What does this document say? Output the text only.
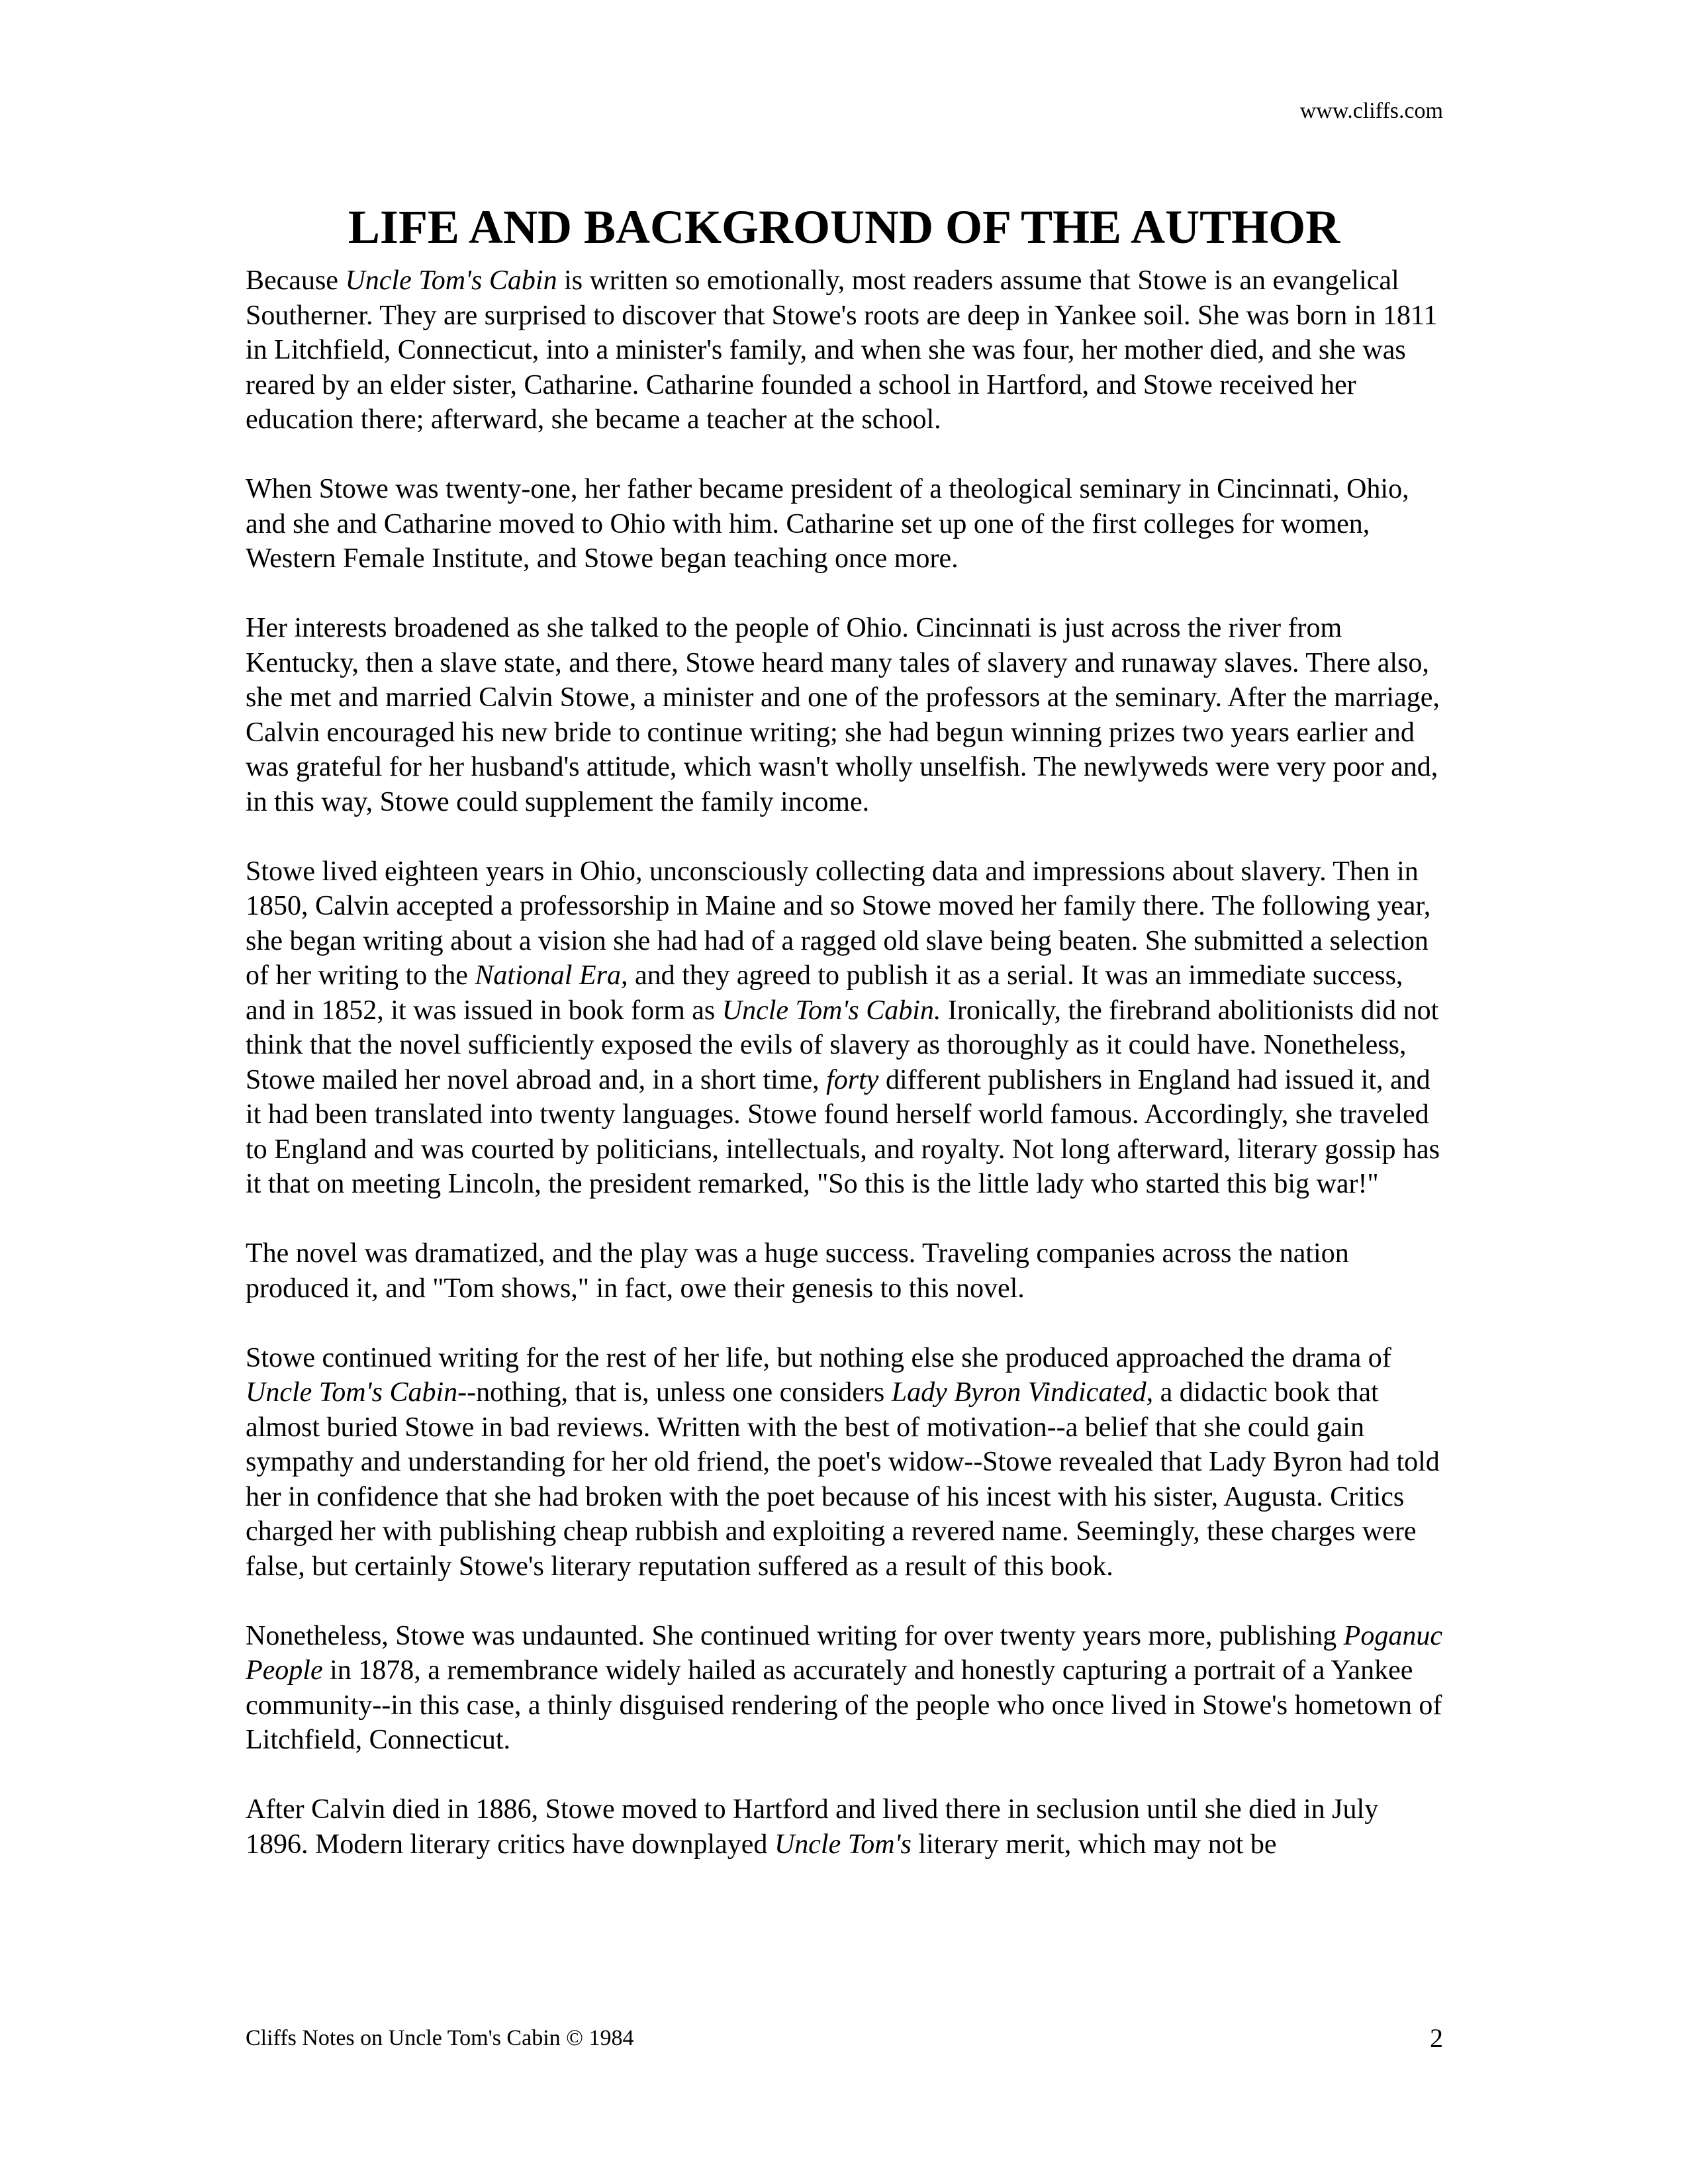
www.cliffs.com
LIFE AND BACKGROUND OF THE AUTHOR

Because Uncle Tom's Cabin is written so emotionally, most readers assume that Stowe is an evangelical Southerner. They are surprised to discover that Stowe's roots are deep in Yankee soil. She was born in 1811 in Litchfield, Connecticut, into a minister's family, and when she was four, her mother died, and she was reared by an elder sister, Catharine. Catharine founded a school in Hartford, and Stowe received her education there; afterward, she became a teacher at the school.

When Stowe was twenty-one, her father became president of a theological seminary in Cincinnati, Ohio, and she and Catharine moved to Ohio with him. Catharine set up one of the first colleges for women, Western Female Institute, and Stowe began teaching once more.

Her interests broadened as she talked to the people of Ohio. Cincinnati is just across the river from Kentucky, then a slave state, and there, Stowe heard many tales of slavery and runaway slaves. There also, she met and married Calvin Stowe, a minister and one of the professors at the seminary. After the marriage, Calvin encouraged his new bride to continue writing; she had begun winning prizes two years earlier and was grateful for her husband's attitude, which wasn't wholly unselfish. The newlyweds were very poor and, in this way, Stowe could supplement the family income.

Stowe lived eighteen years in Ohio, unconsciously collecting data and impressions about slavery. Then in 1850, Calvin accepted a professorship in Maine and so Stowe moved her family there. The following year, she began writing about a vision she had had of a ragged old slave being beaten. She submitted a selection of her writing to the National Era, and they agreed to publish it as a serial. It was an immediate success, and in 1852, it was issued in book form as Uncle Tom's Cabin. Ironically, the firebrand abolitionists did not think that the novel sufficiently exposed the evils of slavery as thoroughly as it could have. Nonetheless, Stowe mailed her novel abroad and, in a short time, forty different publishers in England had issued it, and it had been translated into twenty languages. Stowe found herself world famous. Accordingly, she traveled to England and was courted by politicians, intellectuals, and royalty. Not long afterward, literary gossip has it that on meeting Lincoln, the president remarked, "So this is the little lady who started this big war!"

The novel was dramatized, and the play was a huge success. Traveling companies across the nation produced it, and "Tom shows," in fact, owe their genesis to this novel.

Stowe continued writing for the rest of her life, but nothing else she produced approached the drama of Uncle Tom's Cabin--nothing, that is, unless one considers Lady Byron Vindicated, a didactic book that almost buried Stowe in bad reviews. Written with the best of motivation--a belief that she could gain sympathy and understanding for her old friend, the poet's widow--Stowe revealed that Lady Byron had told her in confidence that she had broken with the poet because of his incest with his sister, Augusta. Critics charged her with publishing cheap rubbish and exploiting a revered name. Seemingly, these charges were false, but certainly Stowe's literary reputation suffered as a result of this book.

Nonetheless, Stowe was undaunted. She continued writing for over twenty years more, publishing Poganuc People in 1878, a remembrance widely hailed as accurately and honestly capturing a portrait of a Yankee community--in this case, a thinly disguised rendering of the people who once lived in Stowe's hometown of Litchfield, Connecticut.

After Calvin died in 1886, Stowe moved to Hartford and lived there in seclusion until she died in July 1896. Modern literary critics have downplayed Uncle Tom's literary merit, which may not be

Cliffs Notes on Uncle Tom's Cabin © 1984	2
